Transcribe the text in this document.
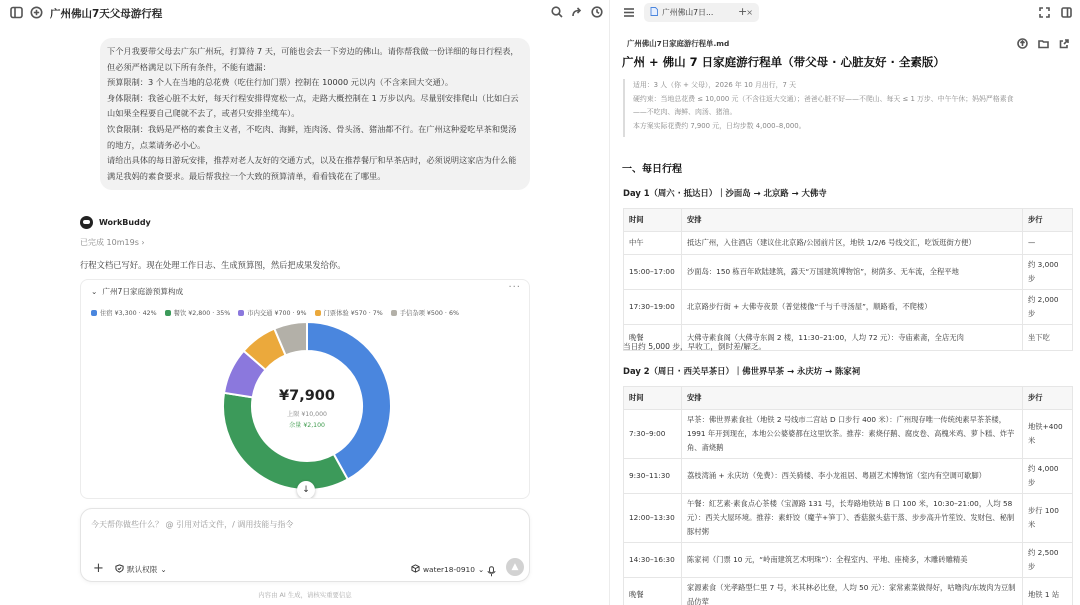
广州佛山7天父母游行程

下个月我要带父母去广东广州玩，打算待 7 天，可能也会去一下旁边的佛山。请你帮我做一份详细的每日行程表，但必须严格满足以下所有条件，不能有遗漏：

预算限制：3 个人在当地的总花费（吃住行加门票）控制在 10000 元以内（不含来回大交通）。

身体限制：我爸心脏不太好，每天行程安排得宽松一点，走路大概控制在 1 万步以内。尽量别安排爬山（比如白云山如果全程要自己爬就不去了，或者只安排坐缆车）。

饮食限制：我妈是严格的素食主义者，不吃肉、海鲜，连肉汤、骨头汤、猪油都不行。在广州这种爱吃早茶和煲汤的地方，点菜请务必小心。

请给出具体的每日游玩安排，推荐对老人友好的交通方式，以及在推荐餐厅和早茶店时，必须说明这家店为什么能满足我妈的素食要求。最后帮我拉一个大致的预算清单，看看钱花在了哪里。

WorkBuddy
已完成 10m19s ›
行程文档已写好。现在处理工作日志、生成预算图，然后把成果发给你。
⌄ 广州7日家庭游预算构成	···
住宿 ¥3,300 · 42%	餐饮 ¥2,800 · 35%	市内交通 ¥700 · 9%	门票体验 ¥570 · 7%	手信杂项 ¥500 · 6%
¥7,900
上限 ¥10,000
余量 ¥2,100
↓
今天帮你做些什么？ @ 引用对话文件，/ 调用技能与指令
+	默认权限 ⌄	water18-0910 ⌄	▲
内容由 AI 生成，请核实重要信息
广州佛山7日...	×
+
广州佛山7日家庭游行程单.md
广州 + 佛山 7 日家庭游行程单（带父母 · 心脏友好 · 全素版）
适用：3 人（你 + 父母），2026 年 10 月出行，7 天
硬约束：当地总花费 ≤ 10,000 元（不含往返大交通）；爸爸心脏不好——不爬山、每天 ≤ 1 万步、中午午休；妈妈严格素食
——不吃肉、海鲜、肉汤、猪油。
本方案实际花费约 7,900 元，日均步数 4,000–8,000。
一、每日行程
Day 1（周六 · 抵达日）｜沙面岛 → 北京路 → 大佛寺
时间	安排	步行
中午	抵达广州，入住酒店（建议住北京路/公园前片区，地铁 1/2/6 号线交汇，吃饭逛街方便）	—
15:00–17:00	沙面岛：150 栋百年欧陆建筑，露天“万国建筑博物馆”，树荫多、无车流，全程平地	约 3,000 步
17:30–19:00	北京路步行街 + 大佛寺夜景（普觉楼像“千与千寻汤屋”，顺路看，不爬楼）	约 2,000 步
晚餐	大佛寺素食阁（大佛寺东阁 2 楼，11:30–21:00，人均 72 元）：寺庙素斋，全店无肉	坐下吃
当日约 5,000 步，早收工，倒时差/解乏。
Day 2（周日 · 西关早茶日）｜佛世界早茶 → 永庆坊 → 陈家祠
时间	安排	步行
7:30–9:00	早茶：佛世界素食社（地铁 2 号线市二宫站 D 口步行 400 米）：广州现存唯一传统纯素早茶茶楼，1991 年开到现在，本地公公婆婆都在这里饮茶。推荐：素烧仔鹅、腐皮卷、高槐米鸡、萝卜糕、炸芋角、斋烧鹅	地铁+400 米
9:30–11:30	荔枝湾涌 + 永庆坊（免费）：西关骑楼、李小龙祖居、粤剧艺术博物馆（室内有空调可歇脚）	约 4,000 步
12:00–13:30	午餐：紅艺素·素食点心茶楼（宝源路 131 号，长寿路地铁站 B 口 100 米，10:30–21:00，人均 58 元）：西关大屋环境。推荐：素虾饺（魔芋+笋丁）、香菇猴头菇干蒸、步步高升竹笙饺、发财包、秘制豚村粥	步行 100 米
14:30–16:30	陈家祠（门票 10 元，“岭南建筑艺术明珠”）：全程室内、平地、座椅多，木雕砖雕精美	约 2,500 步
晚餐	家源素食（光孝路型仁里 7 号，米其林必比登，人均 50 元）：家常素菜做得好，咕噜肉/东坡肉为豆制品仿荤	地铁 1 站
